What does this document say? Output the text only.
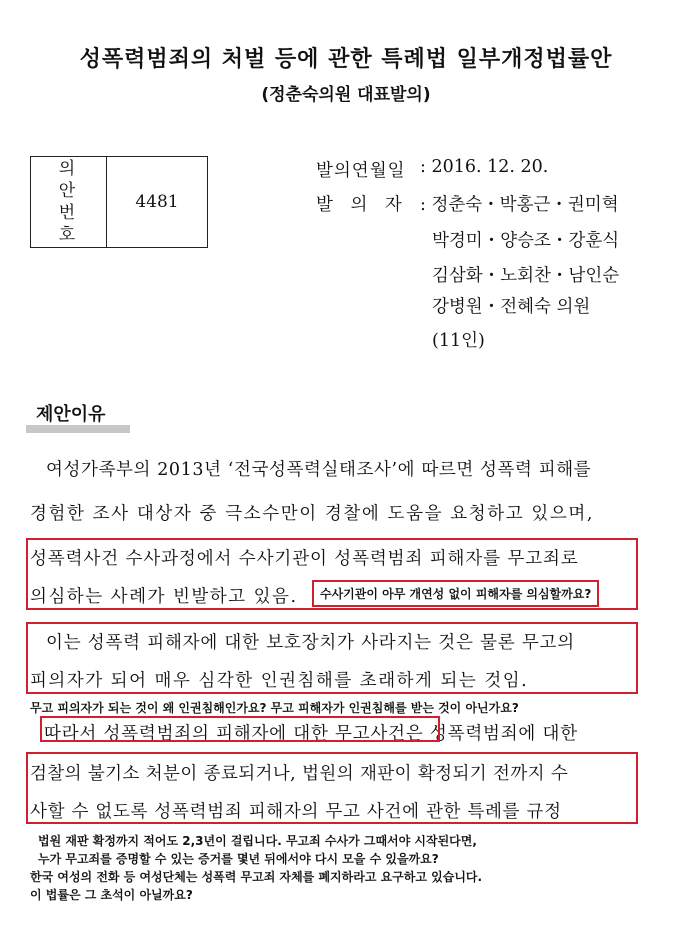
성폭력범죄의 처벌 등에 관한 특례법 일부개정법률안
(정춘숙의원 대표발의)
의 안
번 호
	4481
발의연월일 : 2016. 12. 20.
발 의 자 : 정춘숙・박홍근・권미혁
박경미・양승조・강훈식
김삼화・노회찬・남인순
강병원・전혜숙 의원
(11인)
제안이유
여성가족부의 2013년 ‘전국성폭력실태조사’에 따르면 성폭력 피해를
경험한 조사 대상자 중 극소수만이 경찰에 도움을 요청하고 있으며,
성폭력사건 수사과정에서 수사기관이 성폭력범죄 피해자를 무고죄로
의심하는 사례가 빈발하고 있음.
이는 성폭력 피해자에 대한 보호장치가 사라지는 것은 물론 무고의
피의자가 되어 매우 심각한 인권침해를 초래하게 되는 것임.
따라서 성폭력범죄의 피해자에 대한 무고사건은 성폭력범죄에 대한
검찰의 불기소 처분이 종료되거나, 법원의 재판이 확정되기 전까지 수
사할 수 없도록 성폭력범죄 피해자의 무고 사건에 관한 특례를 규정
수사기관이 아무 개연성 없이 피해자를 의심할까요?
무고 피의자가 되는 것이 왜 인권침해인가요? 무고 피해자가 인권침해를 받는 것이 아닌가요?
법원 재판 확정까지 적어도 2,3년이 걸립니다. 무고죄 수사가 그때서야 시작된다면,
누가 무고죄를 증명할 수 있는 증거를 몇년 뒤에서야 다시 모을 수 있을까요?
한국 여성의 전화 등 여성단체는 성폭력 무고죄 자체를 폐지하라고 요구하고 있습니다.
이 법률은 그 초석이 아닐까요?
